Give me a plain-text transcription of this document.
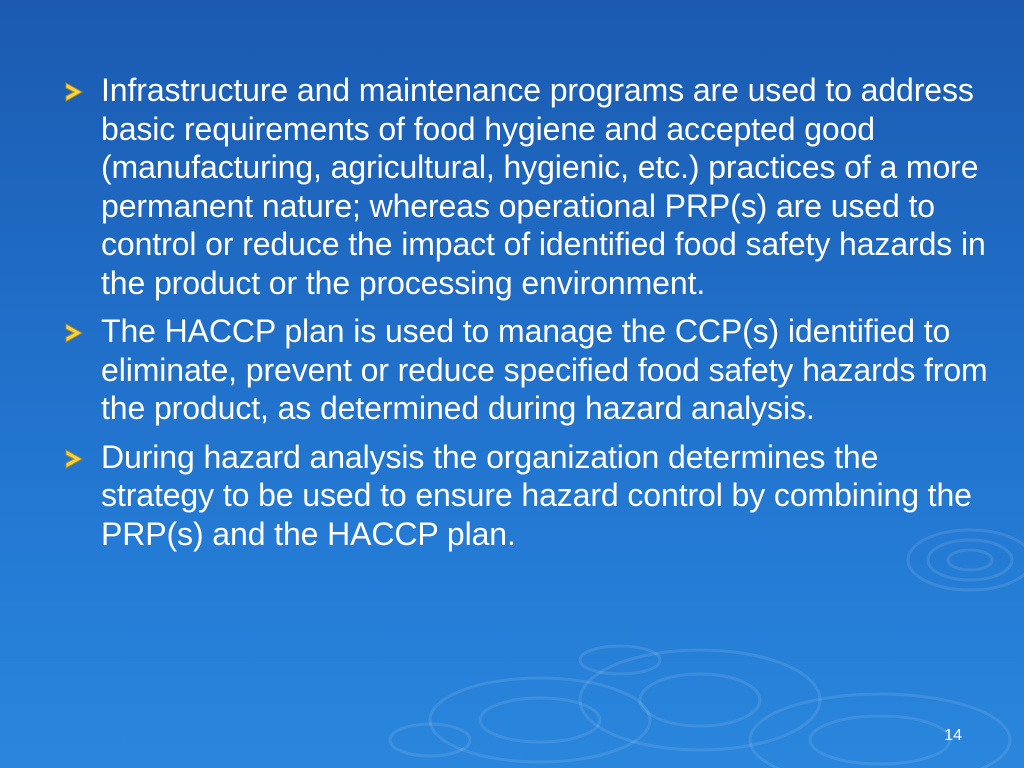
Infrastructure and maintenance programs are used to address basic requirements of food hygiene and accepted good (manufacturing, agricultural, hygienic, etc.) practices of a more permanent nature; whereas operational PRP(s) are used to control or reduce the impact of identified food safety hazards in the product or the processing environment.
The HACCP plan is used to manage the CCP(s) identified to eliminate, prevent or reduce specified food safety hazards from the product, as determined during hazard analysis.
During hazard analysis the organization determines the strategy to be used to ensure hazard control by combining the PRP(s) and the HACCP plan.
14
